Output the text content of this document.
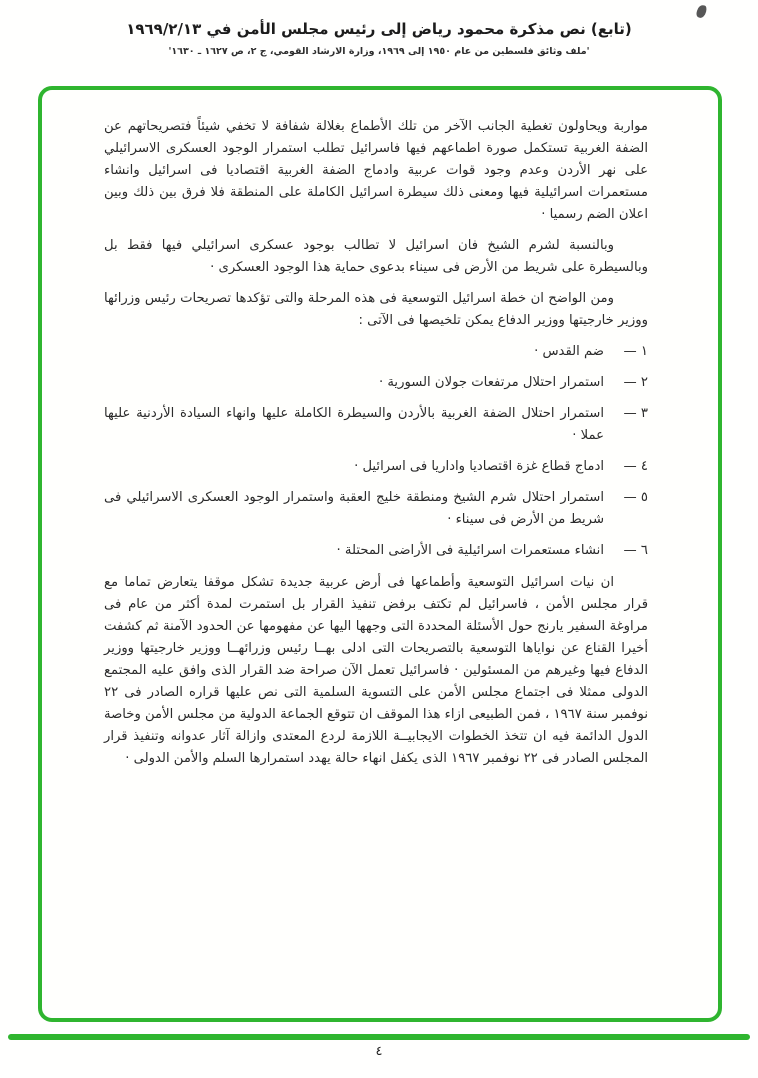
(تابع) نص مذكرة محمود رياض إلى رئيس مجلس الأمن في ١٩٦٩/٢/١٣
'ملف وثائق فلسطين من عام ١٩٥٠ إلى ١٩٦٩، وزارة الارشاد القومي، ج ٢، ص ١٦٢٧ ـ ١٦٣٠'

مواربة ويحاولون تغطية الجانب الآخر من تلك الأطماع بغلالة شفافة لا تخفي شيئاً فتصريحاتهم عن الضفة الغربية تستكمل صورة اطماعهم فيها فاسرائيل تطلب استمرار الوجود العسكرى الاسرائيلي على نهر الأردن وعدم وجود قوات عربية وادماج الضفة الغربية اقتصاديا فى اسرائيل وانشاء مستعمرات اسرائيلية فيها ومعنى ذلك سيطرة اسرائيل الكاملة على المنطقة فلا فرق بين ذلك وبين اعلان الضم رسميا ·

وبالنسبة لشرم الشيخ فان اسرائيل لا تطالب بوجود عسكرى اسرائيلي فيها فقط بل وبالسيطرة على شريط من الأرض فى سيناء بدعوى حماية هذا الوجود العسكرى ·

ومن الواضح ان خطة اسرائيل التوسعية فى هذه المرحلة والتى تؤكدها تصريحات رئيس وزرائها ووزير خارجيتها ووزير الدفاع يمكن تلخيصها فى الآتى :

١ —
ضم القدس ·
٢ —
استمرار احتلال مرتفعات جولان السورية ·
٣ —
استمرار احتلال الضفة الغربية بالأردن والسيطرة الكاملة عليها وانهاء السيادة الأردنية عليها عملا ·
٤ —
ادماج قطاع غزة اقتصاديا واداريا فى اسرائيل ·
٥ —
استمرار احتلال شرم الشيخ ومنطقة خليج العقبة واستمرار الوجود العسكرى الاسرائيلي فى شريط من الأرض فى سيناء ·
٦ —
انشاء مستعمرات اسرائيلية فى الأراضى المحتلة ·

ان نيات اسرائيل التوسعية وأطماعها فى أرض عربية جديدة تشكل موقفا يتعارض تماما مع قرار مجلس الأمن ، فاسرائيل لم تكتف برفض تنفيذ القرار بل استمرت لمدة أكثر من عام فى مراوغة السفير يارنج حول الأسئلة المحددة التى وجهها اليها عن مفهومها عن الحدود الآمنة ثم كشفت أخيرا القناع عن نواياها التوسعية بالتصريحات التى ادلى بهــا رئيس وزرائهــا ووزير خارجيتها ووزير الدفاع فيها وغيرهم من المسئولين · فاسرائيل تعمل الآن صراحة ضد القرار الذى وافق عليه المجتمع الدولى ممثلا فى اجتماع مجلس الأمن على التسوية السلمية التى نص عليها قراره الصادر فى ٢٢ نوفمبر سنة ١٩٦٧ ، فمن الطبيعى ازاء هذا الموقف ان تتوقع الجماعة الدولية من مجلس الأمن وخاصة الدول الدائمة فيه ان تتخذ الخطوات الايجابيــة اللازمة لردع المعتدى وازالة آثار عدوانه وتنفيذ قرار المجلس الصادر فى ٢٢ نوفمبر ١٩٦٧ الذى يكفل انهاء حالة يهدد استمرارها السلم والأمن الدولى ·

٤
